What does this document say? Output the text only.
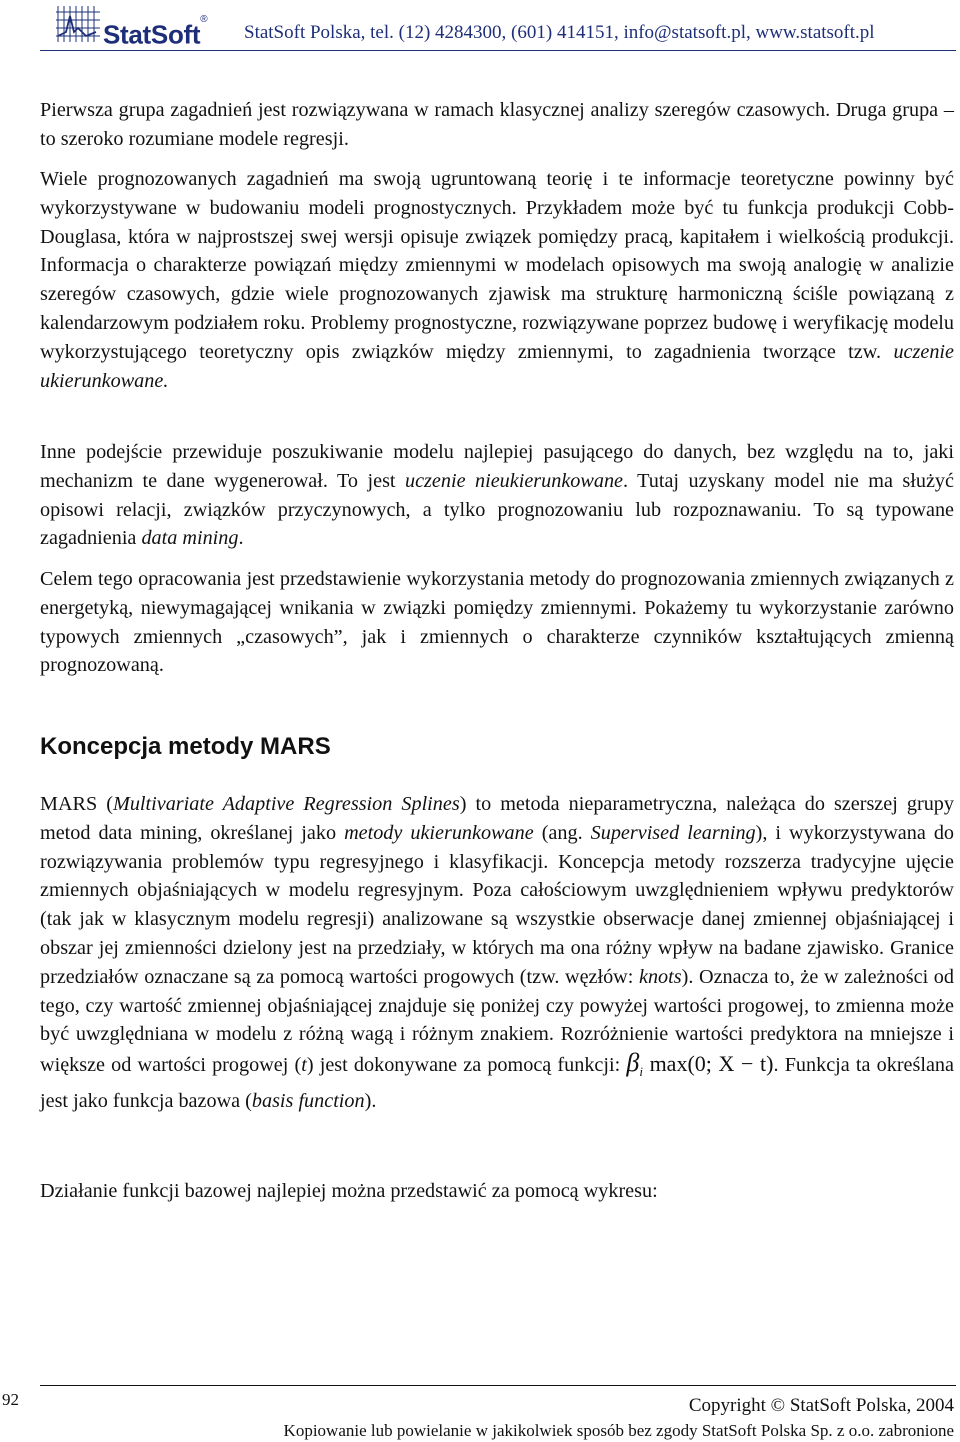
StatSoft®
StatSoft Polska, tel. (12) 4284300, (601) 414151, info@statsoft.pl, www.statsoft.pl

Pierwsza grupa zagadnień jest rozwiązywana w ramach klasycznej analizy szeregów czasowych. Druga grupa – to szeroko rozumiane modele regresji.

Wiele prognozowanych zagadnień ma swoją ugruntowaną teorię i te informacje teoretyczne powinny być wykorzystywane w budowaniu modeli prognostycznych. Przykładem może być tu funkcja produkcji Cobb-Douglasa, która w najprostszej swej wersji opisuje związek pomiędzy pracą, kapitałem i wielkością produkcji. Informacja o charakterze powiązań między zmiennymi w modelach opisowych ma swoją analogię w analizie szeregów czasowych, gdzie wiele prognozowanych zjawisk ma strukturę harmoniczną ściśle powiązaną z kalendarzowym podziałem roku. Problemy prognostyczne, rozwiązywane poprzez budowę i weryfikację modelu wykorzystującego teoretyczny opis związków między zmiennymi, to zagadnienia tworzące tzw. uczenie ukierunkowane.

Inne podejście przewiduje poszukiwanie modelu najlepiej pasującego do danych, bez względu na to, jaki mechanizm te dane wygenerował. To jest uczenie nieukierunkowane. Tutaj uzyskany model nie ma służyć opisowi relacji, związków przyczynowych, a tylko prognozowaniu lub rozpoznawaniu. To są typowane zagadnienia data mining.

Celem tego opracowania jest przedstawienie wykorzystania metody do prognozowania zmiennych związanych z energetyką, niewymagającej wnikania w związki pomiędzy zmiennymi. Pokażemy tu wykorzystanie zarówno typowych zmiennych „czasowych”, jak i zmiennych o charakterze czynników kształtujących zmienną prognozowaną.

Koncepcja metody MARS

MARS (Multivariate Adaptive Regression Splines) to metoda nieparametryczna, należąca do szerszej grupy metod data mining, określanej jako metody ukierunkowane (ang. Supervised learning), i wykorzystywana do rozwiązywania problemów typu regresyjnego i klasyfikacji. Koncepcja metody rozszerza tradycyjne ujęcie zmiennych objaśniających w modelu regresyjnym. Poza całościowym uwzględnieniem wpływu predyktorów (tak jak w klasycznym modelu regresji) analizowane są wszystkie obserwacje danej zmiennej objaśniającej i obszar jej zmienności dzielony jest na przedziały, w których ma ona różny wpływ na badane zjawisko. Granice przedziałów oznaczane są za pomocą wartości progowych (tzw. węzłów: knots). Oznacza to, że w zależności od tego, czy wartość zmiennej objaśniającej znajduje się poniżej czy powyżej wartości progowej, to zmienna może być uwzględniana w modelu z różną wagą i różnym znakiem. Rozróżnienie wartości predyktora na mniejsze i większe od wartości progowej (t) jest dokonywane za pomocą funkcji: $\beta_i$ max(0; X − t). Funkcja ta określana jest jako funkcja bazowa (basis function).

Działanie funkcji bazowej najlepiej można przedstawić za pomocą wykresu:

92	Copyright © StatSoft Polska, 2004
Kopiowanie lub powielanie w jakikolwiek sposób bez zgody StatSoft Polska Sp. z o.o. zabronione
